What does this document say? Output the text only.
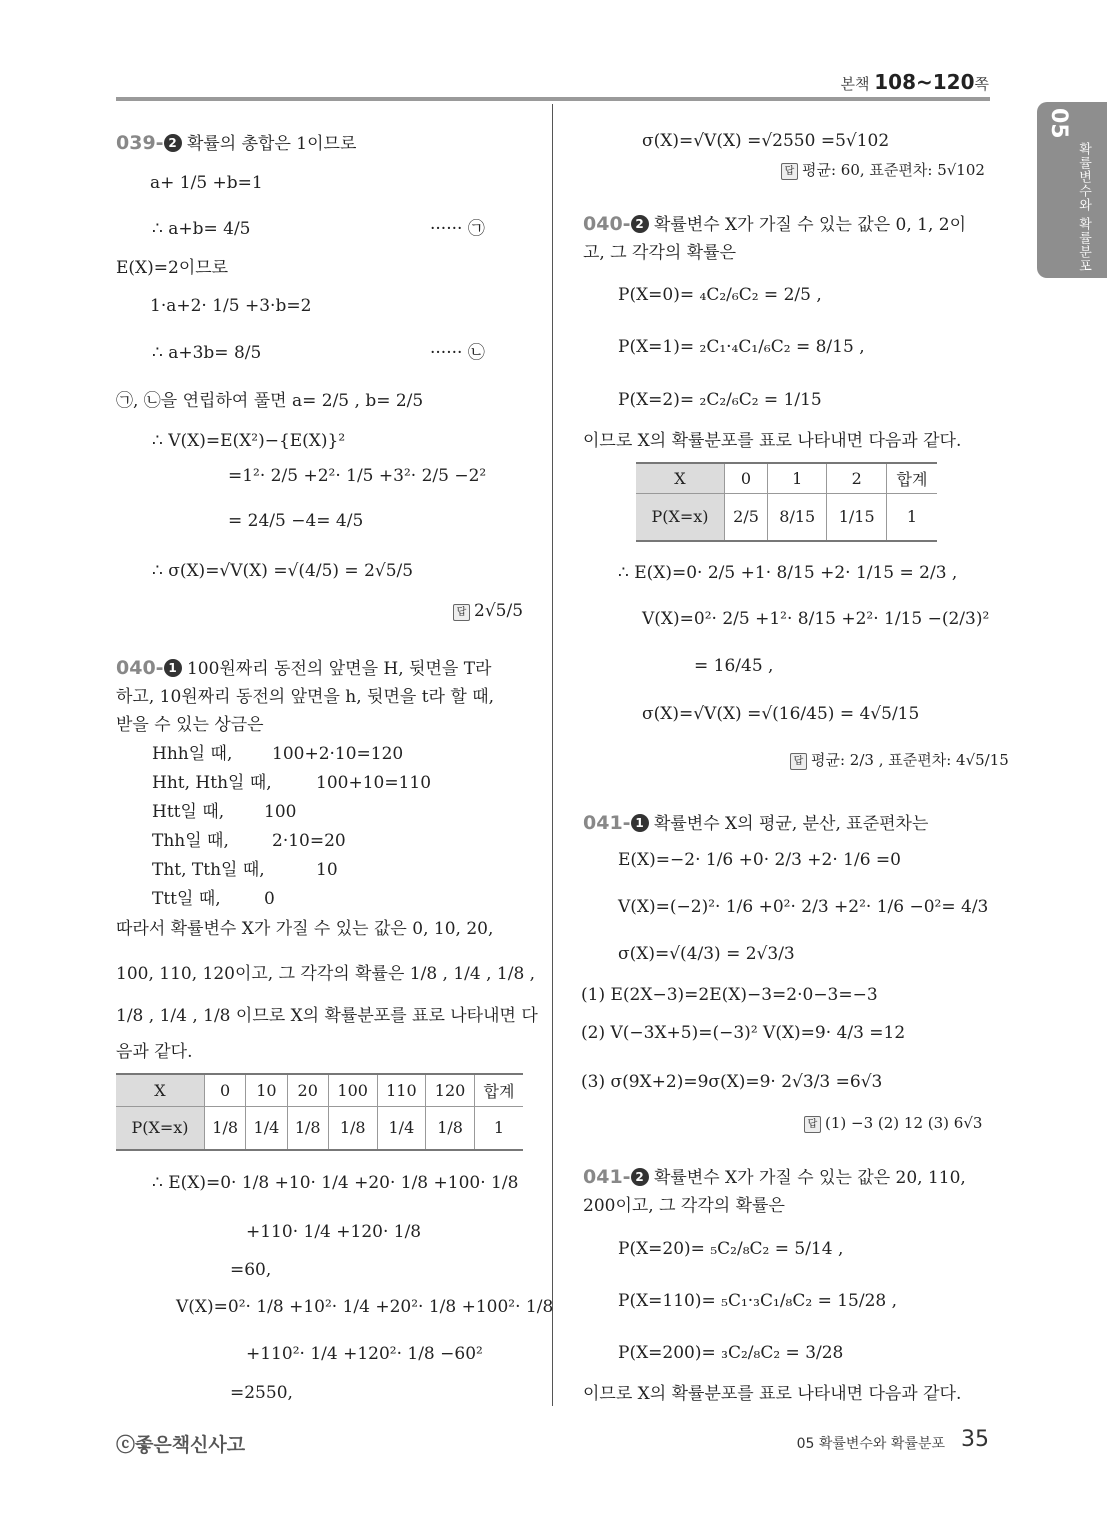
본책 108~120쪽
05
확률변수와 확률분포
039- 2 확률의 총합은 1이므로
a+ 1/5 +b=1
∴ a+b= 4/5	······ ㉠
E(X)=2이므로
1·a+2· 1/5 +3·b=2
∴ a+3b= 8/5	······ ㉡
㉠, ㉡을 연립하여 풀면 a= 2/5 , b= 2/5
∴ V(X)=E(X²)−{E(X)}²
=1²· 2/5 +2²· 1/5 +3²· 2/5 −2²
= 24/5 −4= 4/5
∴ σ(X)=√V(X) =√(4/5) = 2√5/5
답 2√5/5
040- 1 100원짜리 동전의 앞면을 H, 뒷면을 T라
하고, 10원짜리 동전의 앞면을 h, 뒷면을 t라 할 때,
받을 수 있는 상금은
Hhh일 때, 100+2·10=120
Hht, Hth일 때,	100+10=110
Htt일 때, 100
Thh일 때,	2·10=20
Tht, Tth일 때,	10
Ttt일 때,	0
따라서 확률변수 X가 가질 수 있는 값은 0, 10, 20,
100, 110, 120이고, 그 각각의 확률은 1/8 , 1/4 , 1/8 ,
1/8 , 1/4 , 1/8 이므로 X의 확률분포를 표로 나타내면 다
음과 같다.
X	0	10	20	100	110	120	합계
P(X=x)	1/8	1/4	1/8	1/8	1/4	1/8	1
∴ E(X)=0· 1/8 +10· 1/4 +20· 1/8 +100· 1/8
+110· 1/4 +120· 1/8
=60,
V(X)=0²· 1/8 +10²· 1/4 +20²· 1/8 +100²· 1/8
+110²· 1/4 +120²· 1/8 −60²
=2550,
σ(X)=√V(X) =√2550 =5√102
답 평균: 60, 표준편차: 5√102
040- 2 확률변수 X가 가질 수 있는 값은 0, 1, 2이
고, 그 각각의 확률은
P(X=0)= ₄C₂/₆C₂ = 2/5 ,
P(X=1)= ₂C₁·₄C₁/₆C₂ = 8/15 ,
P(X=2)= ₂C₂/₆C₂ = 1/15
이므로 X의 확률분포를 표로 나타내면 다음과 같다.
X	0	1	2	합계
P(X=x)	2/5	8/15	1/15	1
∴ E(X)=0· 2/5 +1· 8/15 +2· 1/15 = 2/3 ,
V(X)=0²· 2/5 +1²· 8/15 +2²· 1/15 −(2/3)²
= 16/45 ,
σ(X)=√V(X) =√(16/45) = 4√5/15
답 평균: 2/3 , 표준편차: 4√5/15
041- 1 확률변수 X의 평균, 분산, 표준편차는
E(X)=−2· 1/6 +0· 2/3 +2· 1/6 =0
V(X)=(−2)²· 1/6 +0²· 2/3 +2²· 1/6 −0²= 4/3
σ(X)=√(4/3) = 2√3/3
(1) E(2X−3)=2E(X)−3=2·0−3=−3
(2) V(−3X+5)=(−3)² V(X)=9· 4/3 =12
(3) σ(9X+2)=9σ(X)=9· 2√3/3 =6√3
답 (1) −3 (2) 12 (3) 6√3
041- 2 확률변수 X가 가질 수 있는 값은 20, 110,
200이고, 그 각각의 확률은
P(X=20)= ₅C₂/₈C₂ = 5/14 ,
P(X=110)= ₅C₁·₃C₁/₈C₂ = 15/28 ,
P(X=200)= ₃C₂/₈C₂ = 3/28
이므로 X의 확률분포를 표로 나타내면 다음과 같다.
ⓒ좋은책신사고	05 확률변수와 확률분포 35
